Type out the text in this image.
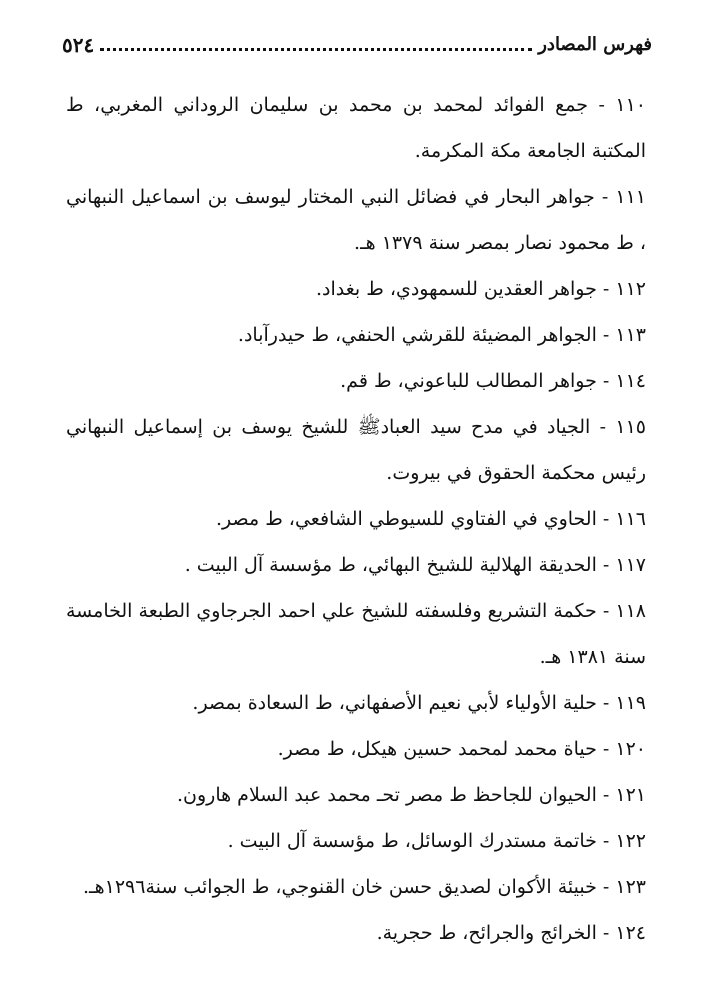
٥٢٤	فهرس المصادر
١١٠ - جمع الفوائد لمحمد بن محمد بن سليمان الروداني المغربي، ط المكتبة الجامعة مكة المكرمة.
١١١ - جواهر البحار في فضائل النبي المختار ليوسف بن اسماعيل النبهاني ، ط محمود نصار بمصر سنة ١٣٧٩ هـ.
١١٢ - جواهر العقدين للسمهودي، ط بغداد.
١١٣ - الجواهر المضيئة للقرشي الحنفي، ط حيدرآباد.
١١٤ - جواهر المطالب للباعوني، ط قم.
١١٥ - الجياد في مدح سيد العبادﷺ للشيخ يوسف بن إسماعيل النبهاني رئيس محكمة الحقوق في بيروت.
١١٦ - الحاوي في الفتاوي للسيوطي الشافعي، ط مصر.
١١٧ - الحديقة الهلالية للشيخ البهائي، ط مؤسسة آل البيت .
١١٨ - حكمة التشريع وفلسفته للشيخ علي احمد الجرجاوي الطبعة الخامسة سنة ١٣٨١ هـ.
١١٩ - حلية الأولياء لأبي نعيم الأصفهاني، ط السعادة بمصر.
١٢٠ - حياة محمد لمحمد حسين هيكل، ط مصر.
١٢١ - الحيوان للجاحظ ط مصر تحـ محمد عبد السلام هارون.
١٢٢ - خاتمة مستدرك الوسائل، ط مؤسسة آل البيت .
١٢٣ - خبيئة الأكوان لصديق حسن خان القنوجي، ط الجوائب سنة١٢٩٦هـ.
١٢٤ - الخرائج والجرائح، ط حجرية.
